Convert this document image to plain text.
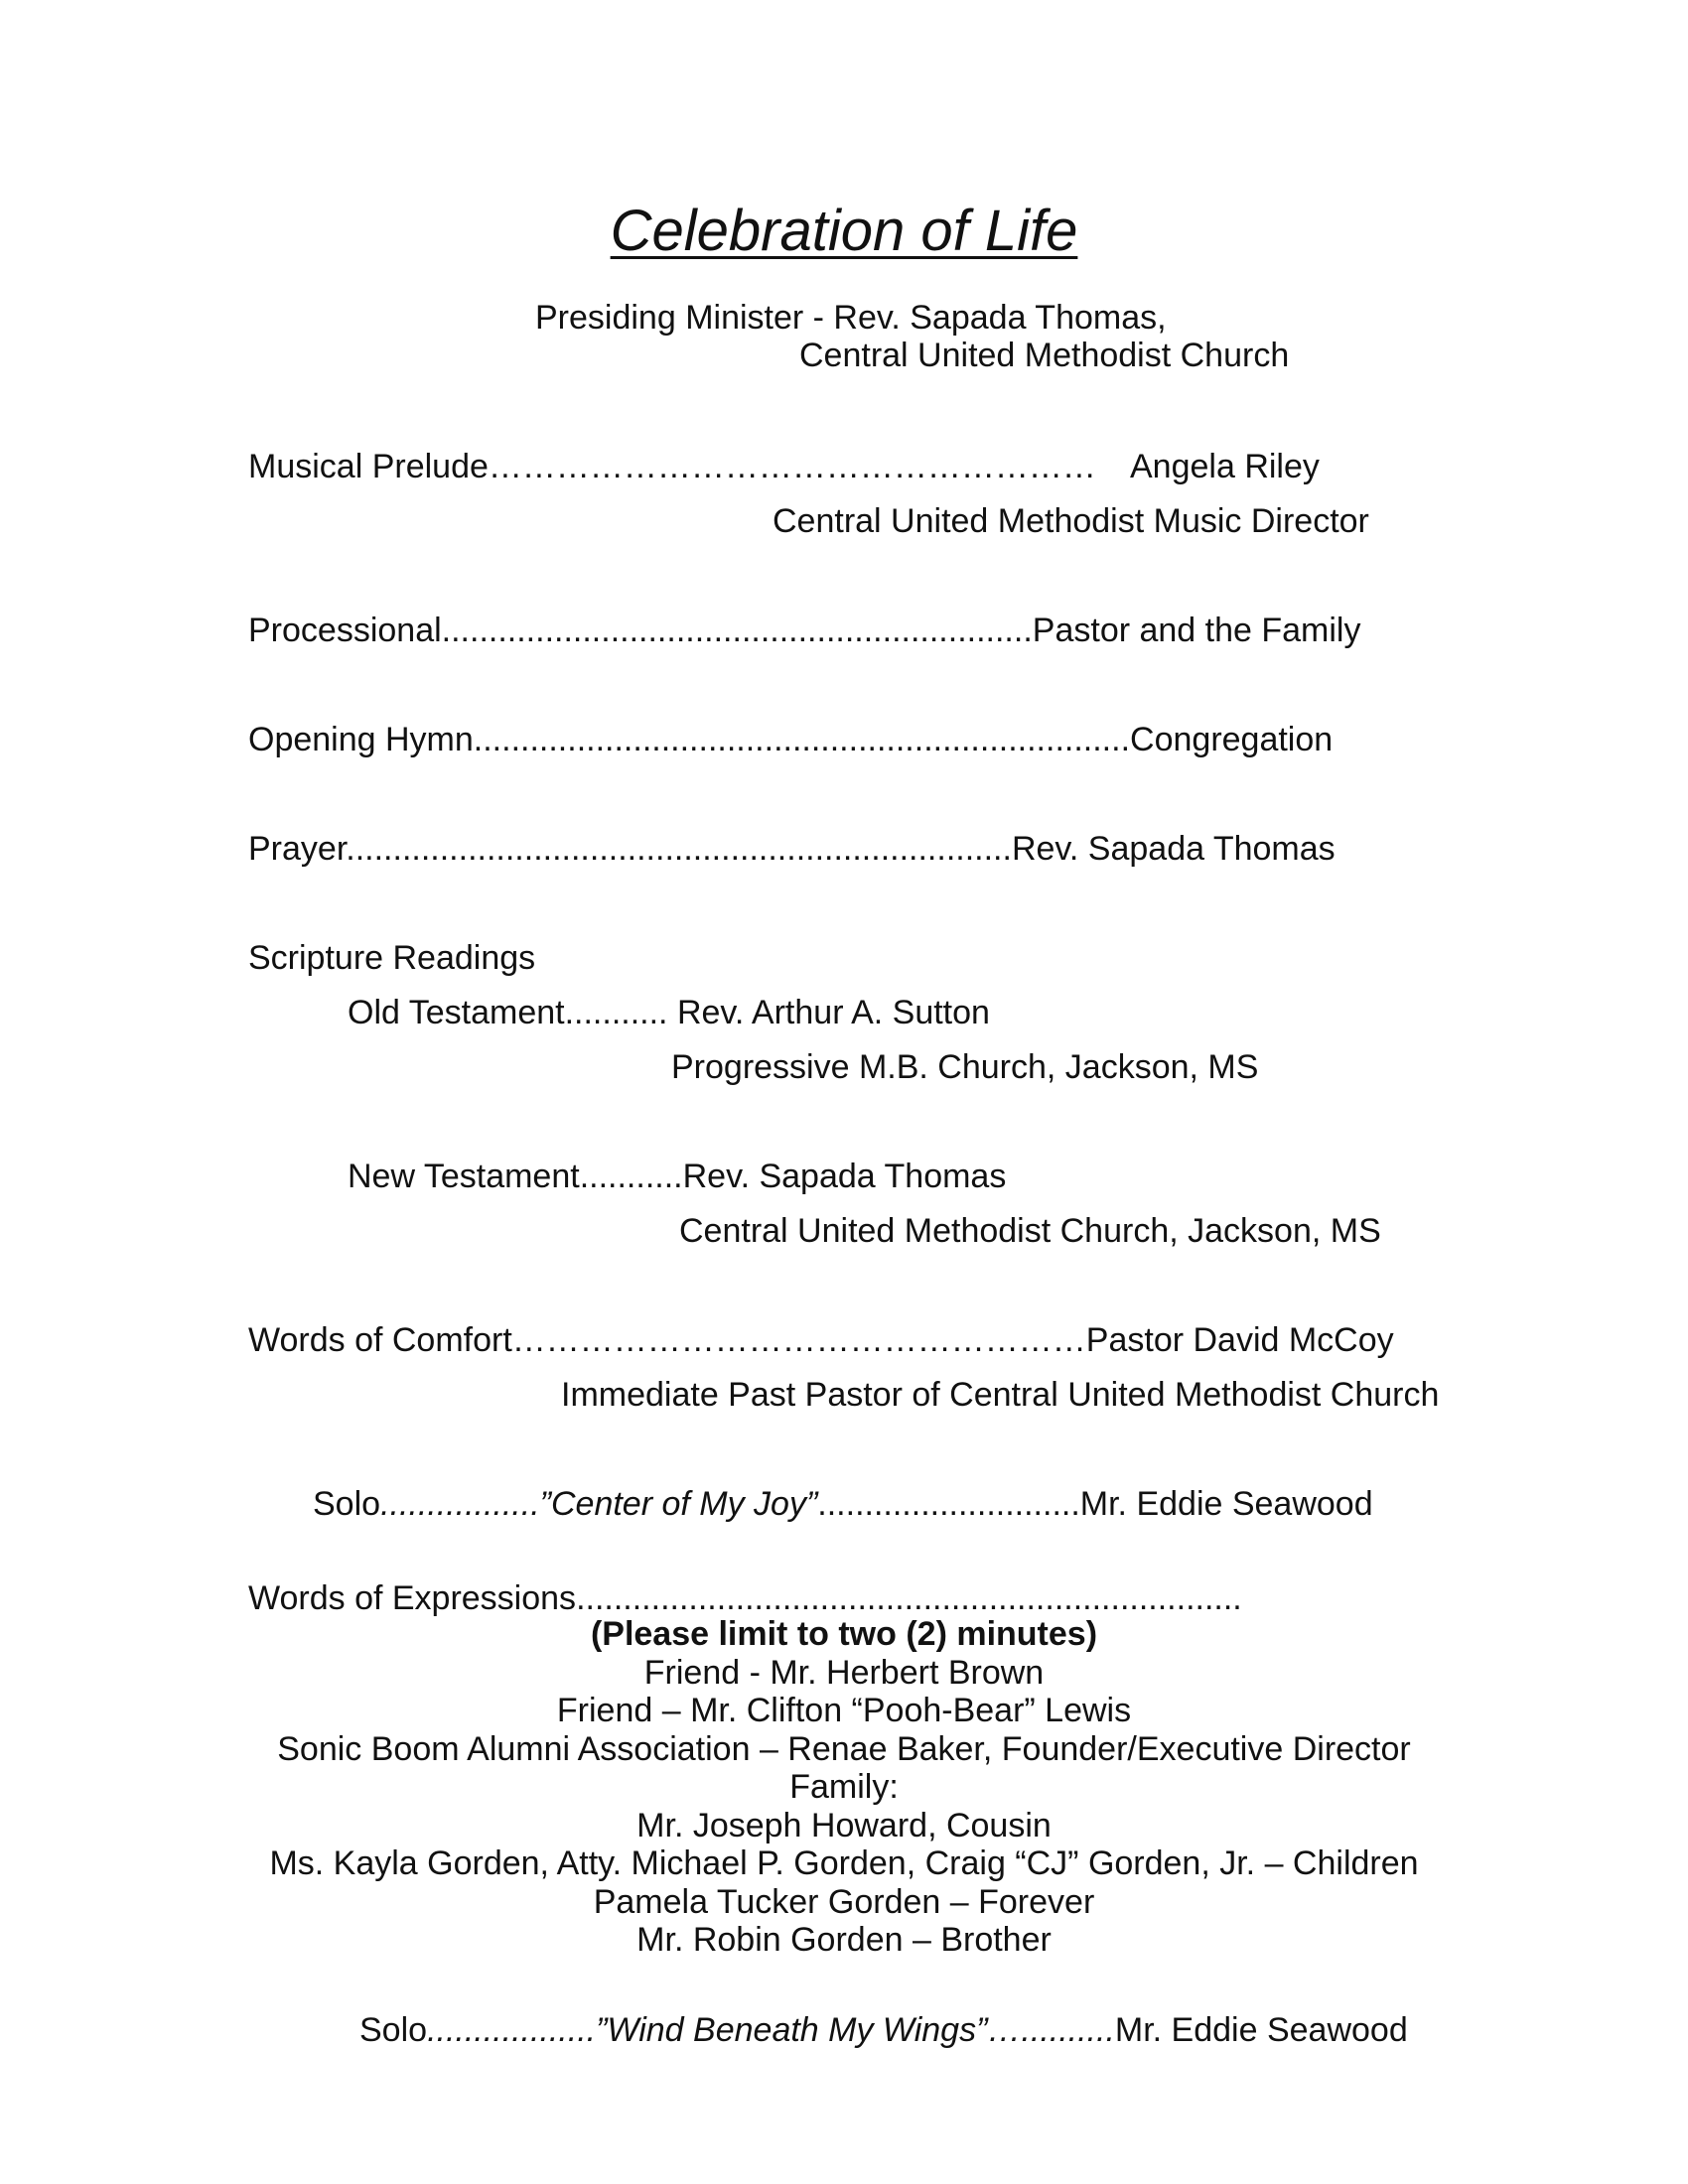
Celebration of Life
Presiding Minister - Rev. Sapada Thomas,
Central United Methodist Church
Musical Prelude……………………………………………… Angela Riley
Central United Methodist Music Director
Processional...............................................................Pastor and the Family
Opening Hymn......................................................................Congregation
Prayer.......................................................................Rev. Sapada Thomas
Scripture Readings
Old Testament........... Rev. Arthur A. Sutton
Progressive M.B. Church, Jackson, MS
New Testament...........Rev. Sapada Thomas
Central United Methodist Church, Jackson, MS
Words of Comfort……………………………………………Pastor David McCoy
Immediate Past Pastor of Central United Methodist Church
Solo.................”Center of My Joy”............................Mr. Eddie Seawood
Words of Expressions.......................................................................
(Please limit to two (2) minutes)
Friend - Mr. Herbert Brown
Friend – Mr. Clifton “Pooh-Bear” Lewis
Sonic Boom Alumni Association – Renae Baker, Founder/Executive Director
Family:
Mr. Joseph Howard, Cousin
Ms. Kayla Gorden, Atty. Michael P. Gorden, Craig “CJ” Gorden, Jr. – Children
Pamela Tucker Gorden – Forever
Mr. Robin Gorden – Brother
Solo..................”Wind Beneath My Wings”…..........Mr. Eddie Seawood
